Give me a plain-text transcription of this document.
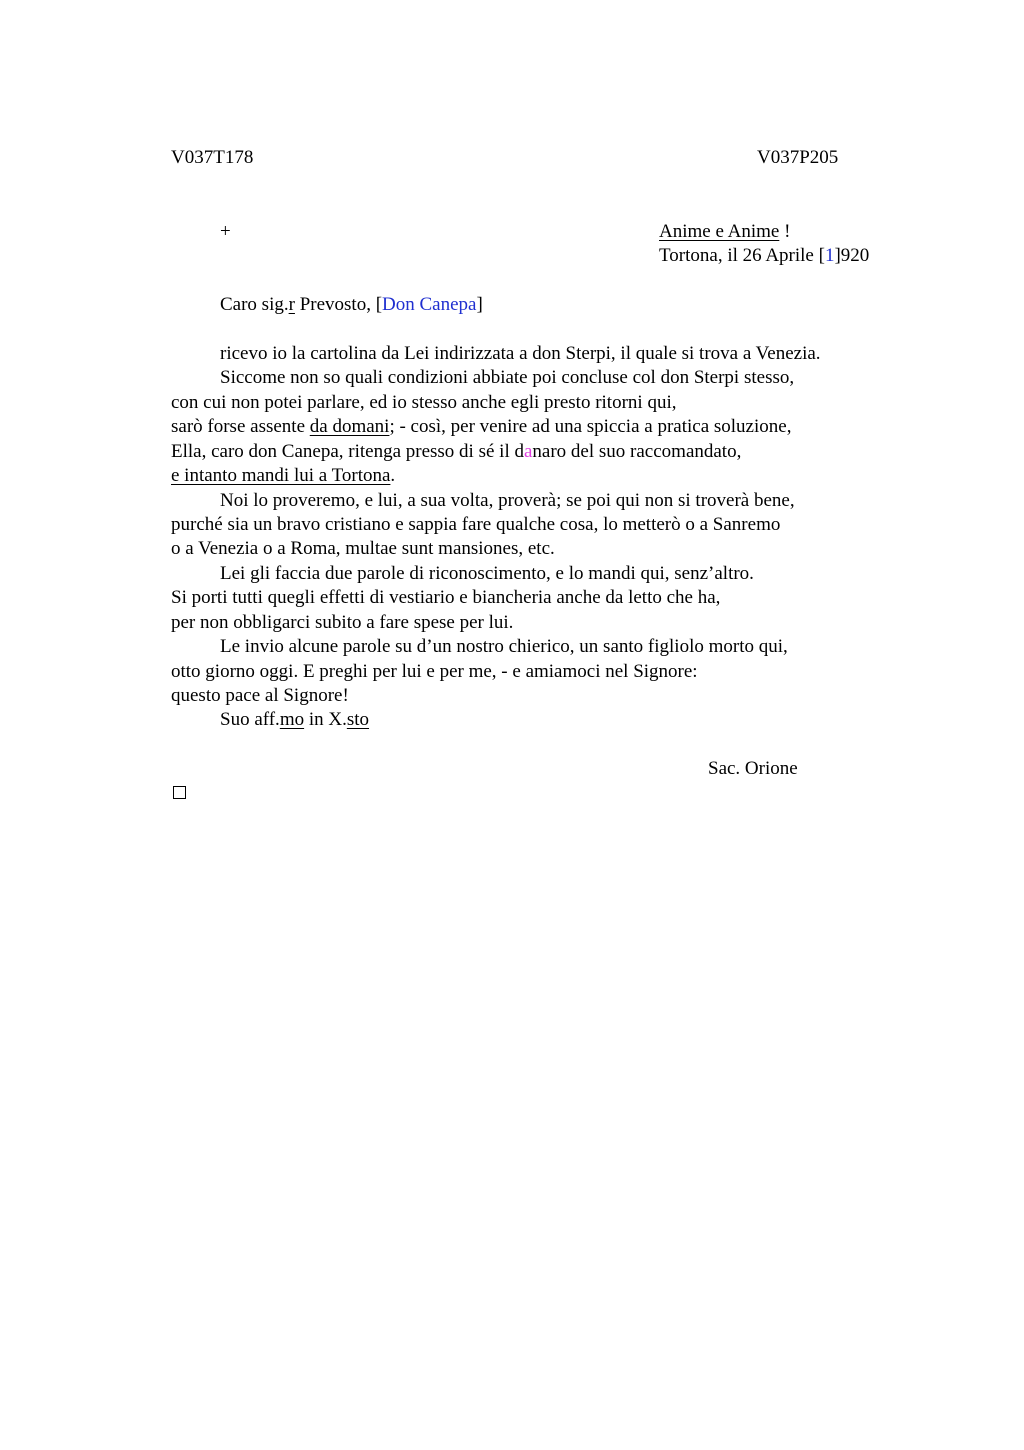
V037T178	V037P205
+	Anime e Anime !
Tortona, il 26 Aprile [1]920
Caro sig.r Prevosto, [Don Canepa]
ricevo io la cartolina da Lei indirizzata a don Sterpi, il quale si trova a Venezia.
Siccome non so quali condizioni abbiate poi concluse col don Sterpi stesso,
con cui non potei parlare, ed io stesso anche egli presto ritorni qui,
sarò forse assente da domani; - così, per venire ad una spiccia a pratica soluzione,
Ella, caro don Canepa, ritenga presso di sé il danaro del suo raccomandato,
e intanto mandi lui a Tortona.
Noi lo proveremo, e lui, a sua volta, proverà; se poi qui non si troverà bene,
purché sia un bravo cristiano e sappia fare qualche cosa, lo metterò o a Sanremo
o a Venezia o a Roma, multae sunt mansiones, etc.
Lei gli faccia due parole di riconoscimento, e lo mandi qui, senz’altro.
Si porti tutti quegli effetti di vestiario e biancheria anche da letto che ha,
per non obbligarci subito a fare spese per lui.
Le invio alcune parole su d’un nostro chierico, un santo figliolo morto qui,
otto giorno oggi. E preghi per lui e per me, - e amiamoci nel Signore:
questo pace al Signore!
Suo aff.mo in X.sto
Sac. Orione
